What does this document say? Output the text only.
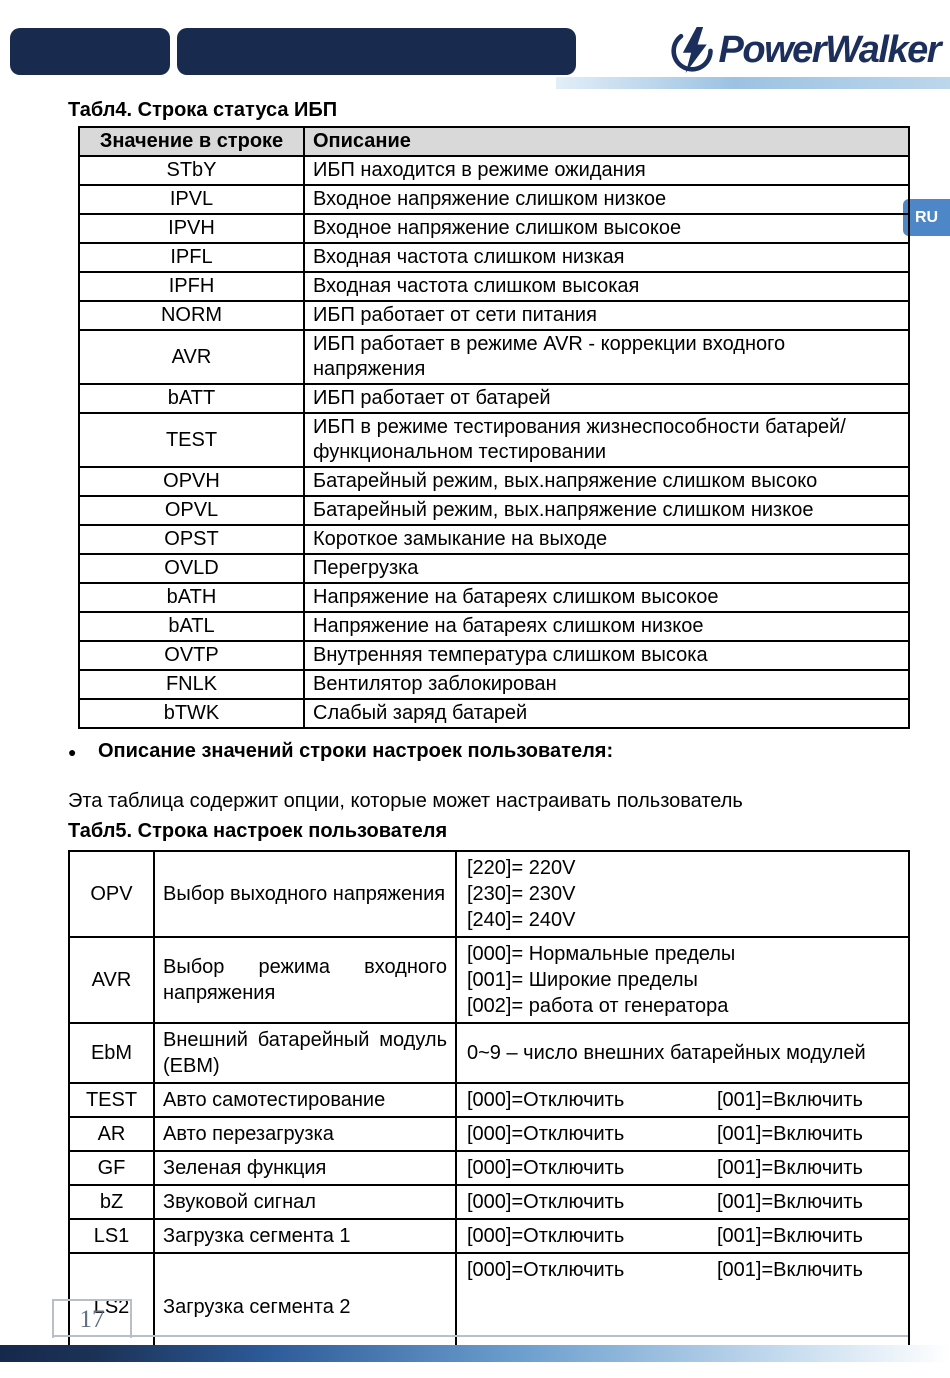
PowerWalker
RU
Табл4. Строка статуса ИБП
Значение в строке	Описание
STbY	ИБП находится в режиме ожидания
IPVL	Входное напряжение слишком низкое
IPVH	Входное напряжение слишком высокое
IPFL	Входная частота слишком низкая
IPFH	Входная частота слишком высокая
NORM	ИБП работает от сети питания
AVR	ИБП работает в режиме AVR - коррекции входного напряжения
bATT	ИБП работает от батарей
TEST	ИБП в режиме тестирования жизнеспособности батарей/функциональном тестировании
OPVH	Батарейный режим, вых.напряжение слишком высоко
OPVL	Батарейный режим, вых.напряжение слишком низкое
OPST	Короткое замыкание на выходе
OVLD	Перегрузка
bATH	Напряжение на батареях слишком высокое
bATL	Напряжение на батареях слишком низкое
OVTP	Внутренняя температура слишком высока
FNLK	Вентилятор заблокирован
bTWK	Слабый заряд батарей
●	Описание значений строки настроек пользователя:

Эта таблица содержит опции, которые может настраивать пользователь

Табл5. Строка настроек пользователя
OPV	Выбор выходного напряжения	[220]= 220V
[230]= 230V
[240]= 240V

AVR	Выбор режима входного напряжения	[000]= Нормальные пределы
[001]= Широкие пределы
[002]= работа от генератора

EbM	Внешний батарейный модуль (EBM)	0~9 – число внешних батарейных модулей

TEST	Авто самотестирование	[000]=Отключить [001]=Включить

AR	Авто перезагрузка	[000]=Отключить [001]=Включить

GF	Зеленая функция	[000]=Отключить [001]=Включить

bZ	Звуковой сигнал	[000]=Отключить [001]=Включить

LS1	Загрузка сегмента 1	[000]=Отключить [001]=Включить

LS2	Загрузка сегмента 2	[000]=Отключить [001]=Включить
17
